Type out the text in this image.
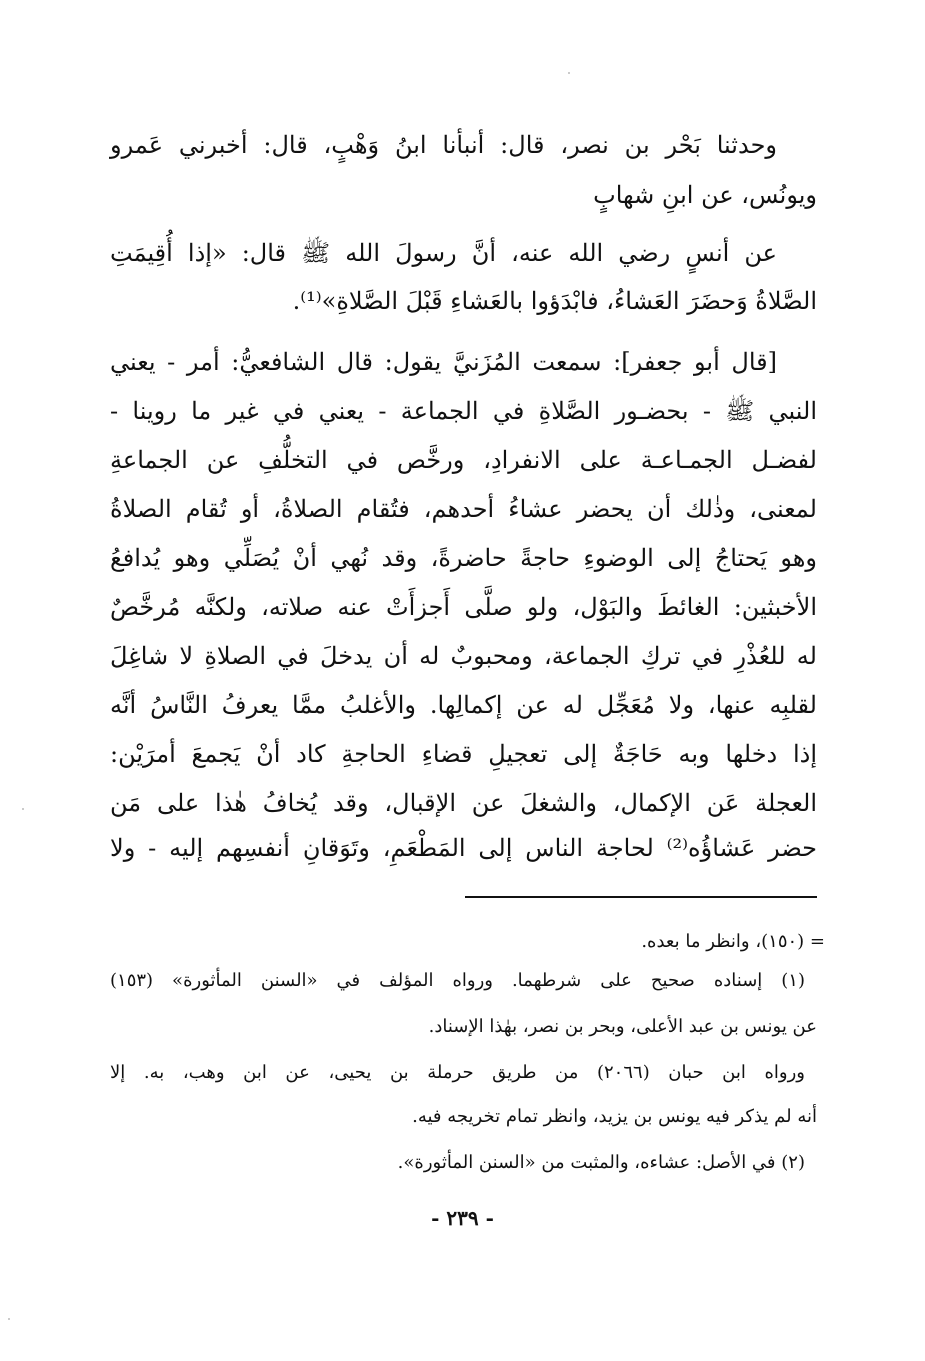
وحدثنا بَحْر بن نصر، قال: أنبأنا ابنُ وَهْبٍ، قال: أخبرني عَمرو
ويونُس، عن ابنِ شهابٍ
عن أنسٍ رضي الله عنه، أنَّ رسولَ الله ﷺ قال: «إذا أُقِيمَتِ
الصَّلاةُ وَحضَرَ العَشاءُ، فابْدَؤوا بالعَشاءِ قَبْلَ الصَّلاةِ»⁽¹⁾.
[قال أبو جعفر]: سمعت المُزَنيَّ يقول: قال الشافعيُّ: أمر - يعني
النبي ﷺ - بحضـور الصَّلاةِ في الجماعة - يعني في غير ما روينا -
لفضـل الجمـاعـة على الانفرادِ، ورخَّص في التخلُّفِ عن الجماعةِ
لمعنى، وذٰلك أن يحضر عشاءُ أحدهم، فتُقام الصلاةُ، أو تُقام الصلاةُ
وهو يَحتاجُ إلى الوضوءِ حاجةً حاضرةً، وقد نُهي أنْ يُصَلِّي وهو يُدافعُ
الأخبثين: الغائطَ والبَوْل، ولو صلَّى أَجزأَتْ عنه صلاته، ولكنَّه مُرخَّصٌ
له للعُذْرِ في تركِ الجماعة، ومحبوبٌ له أن يدخلَ في الصلاةِ لا شاغِلَ
لقلبِه عنها، ولا مُعَجِّل له عن إكمالِها. والأغلبُ ممَّا يعرفُ النَّاسُ أنَّه
إذا دخلها وبه حَاجَةٌ إلى تعجيلِ قضاءِ الحاجةِ كاد أنْ يَجمعَ أمرَيْن:
العجلة عَن الإكمال، والشغلَ عن الإقبال، وقد يُخافُ هٰذا على مَن
حضر عَشاؤُه⁽²⁾ لحاجة الناس إلى المَطْعَمِ، وتَوَقانِ أنفسِهم إليه - ولا
= (١٥٠)، وانظر ما بعده.
(١) إسناده صحيح على شرطهما. ورواه المؤلف في «السنن المأثورة» (١٥٣)
عن يونس بن عبد الأعلى، وبحر بن نصر، بهٰذا الإسناد.
ورواه ابن حبان (٢٠٦٦) من طريق حرملة بن يحيى، عن ابن وهب، به. إلا
أنه لم يذكر فيه يونس بن يزيد، وانظر تمام تخريجه فيه.
(٢) في الأصل: عشاءه، والمثبت من «السنن المأثورة».
- ٢٣٩ -
